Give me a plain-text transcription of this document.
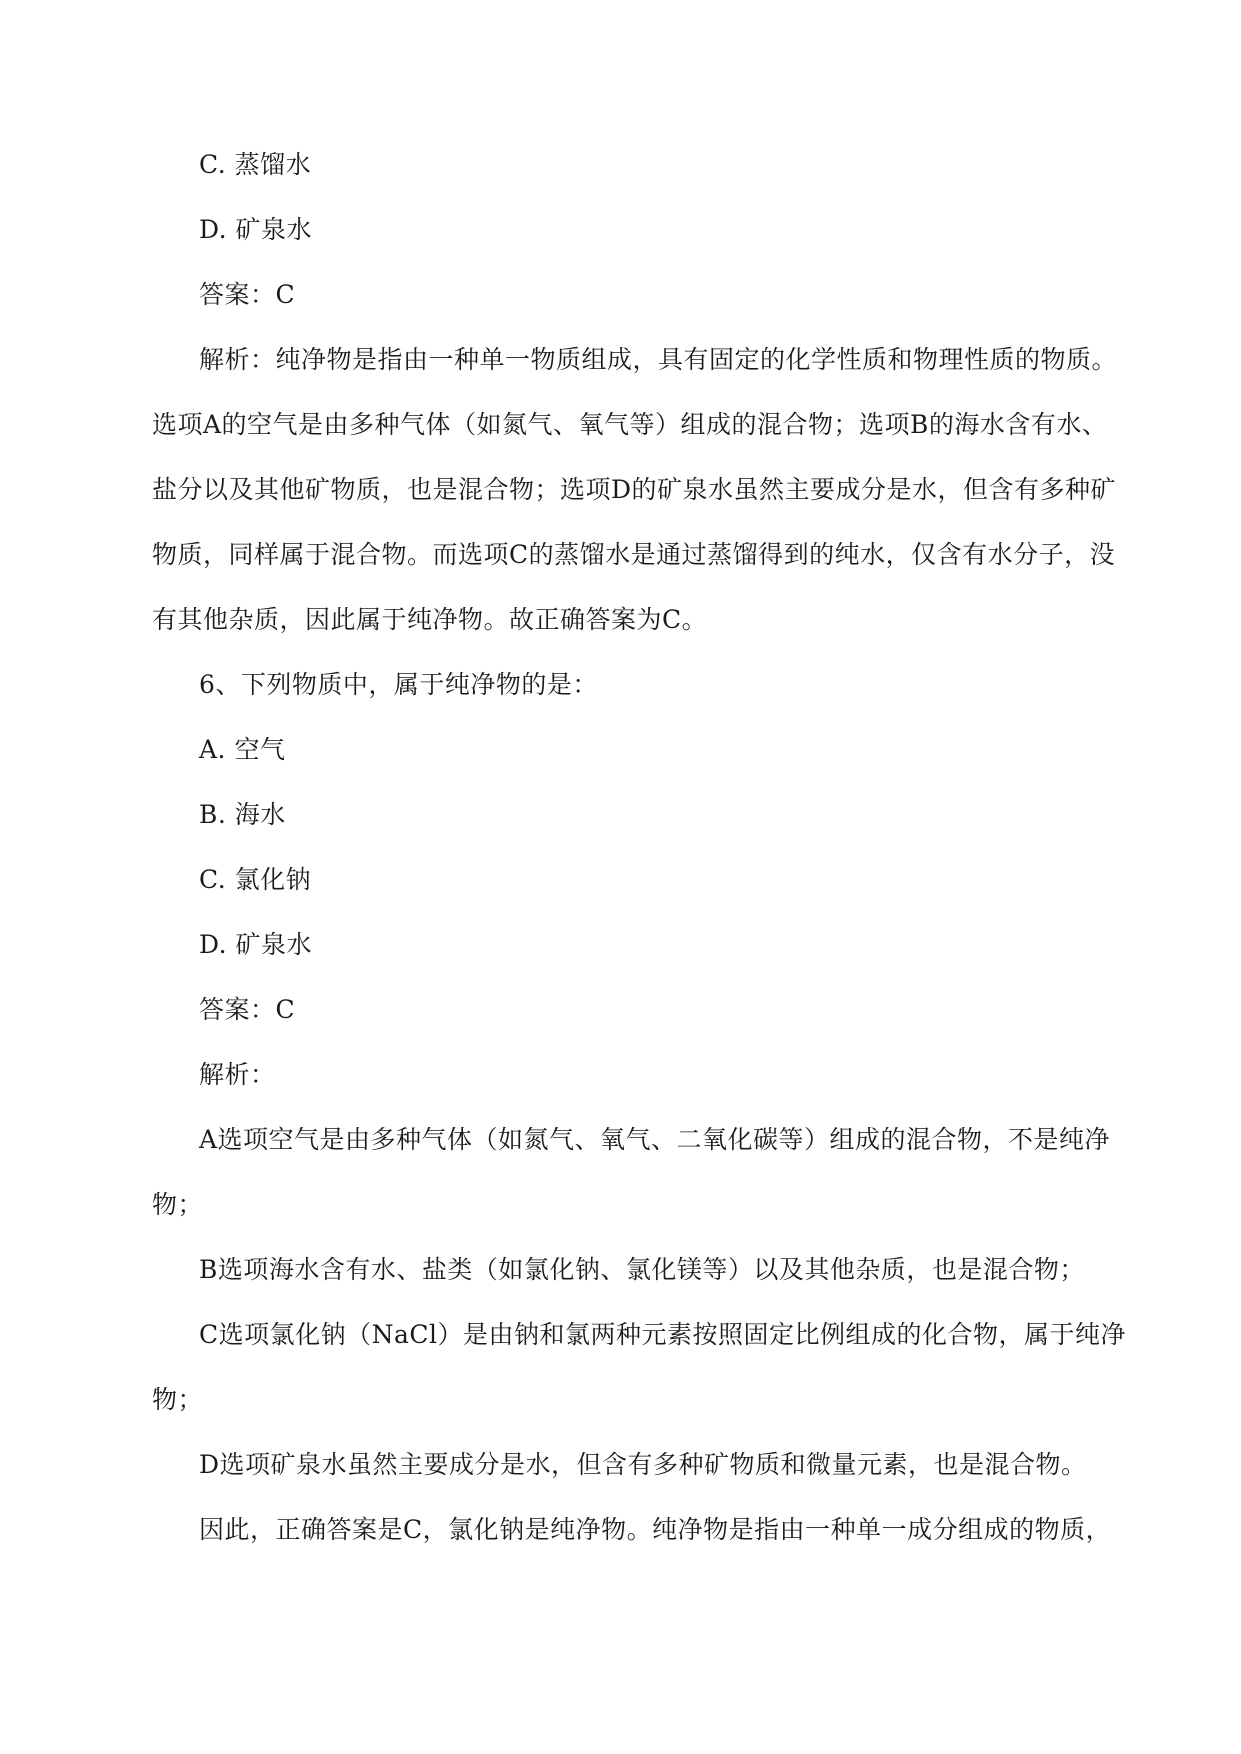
C. 蒸馏水
D. 矿泉水
答案：C
解析：纯净物是指由一种单一物质组成，具有固定的化学性质和物理性质的物质。
选项A的空气是由多种气体（如氮气、氧气等）组成的混合物；选项B的海水含有水、
盐分以及其他矿物质，也是混合物；选项D的矿泉水虽然主要成分是水，但含有多种矿
物质，同样属于混合物。而选项C的蒸馏水是通过蒸馏得到的纯水，仅含有水分子，没
有其他杂质，因此属于纯净物。故正确答案为C。
6、下列物质中，属于纯净物的是：
A. 空气
B. 海水
C. 氯化钠
D. 矿泉水
答案：C
解析：
A选项空气是由多种气体（如氮气、氧气、二氧化碳等）组成的混合物，不是纯净
物；
B选项海水含有水、盐类（如氯化钠、氯化镁等）以及其他杂质，也是混合物；
C选项氯化钠（NaCl）是由钠和氯两种元素按照固定比例组成的化合物，属于纯净
物；
D选项矿泉水虽然主要成分是水，但含有多种矿物质和微量元素，也是混合物。
因此，正确答案是C，氯化钠是纯净物。纯净物是指由一种单一成分组成的物质，
